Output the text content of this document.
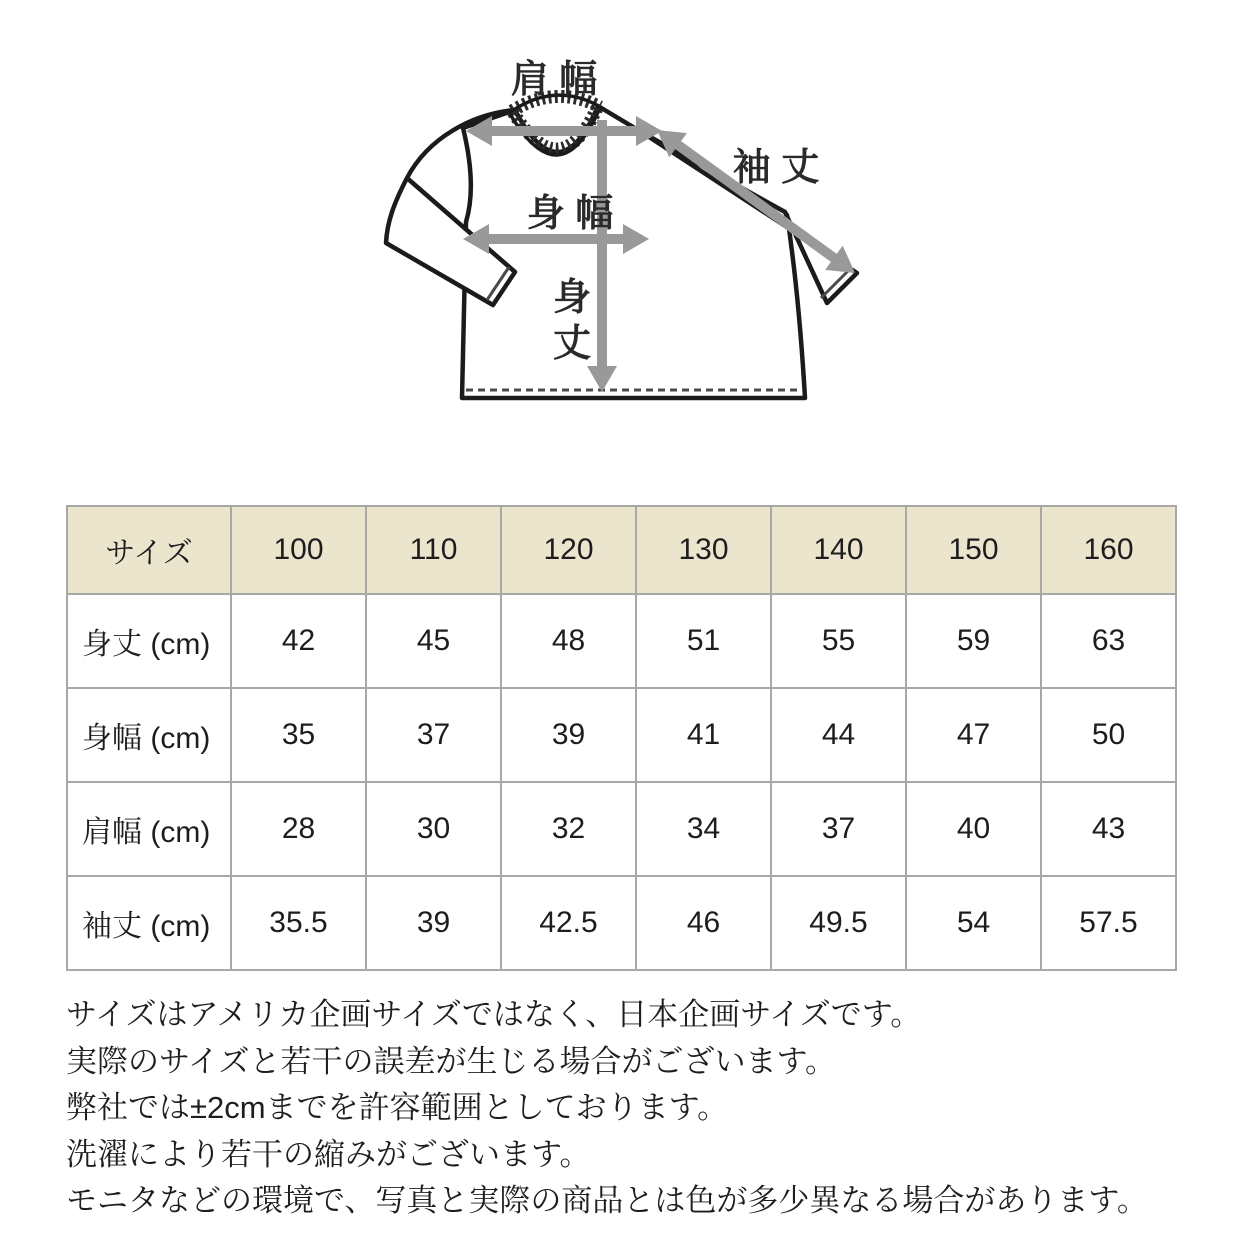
肩 幅
袖 丈
身 幅
身
丈
サイズ	100	110	120	130	140	150	160
身丈 (cm)	42	45	48	51	55	59	63
身幅 (cm)	35	37	39	41	44	47	50
肩幅 (cm)	28	30	32	34	37	40	43
袖丈 (cm)	35.5	39	42.5	46	49.5	54	57.5
サイズはアメリカ企画サイズではなく、日本企画サイズです。
実際のサイズと若干の誤差が生じる場合がございます。
弊社では±2cmまでを許容範囲としております。
洗濯により若干の縮みがございます。
モニタなどの環境で、写真と実際の商品とは色が多少異なる場合があります。
